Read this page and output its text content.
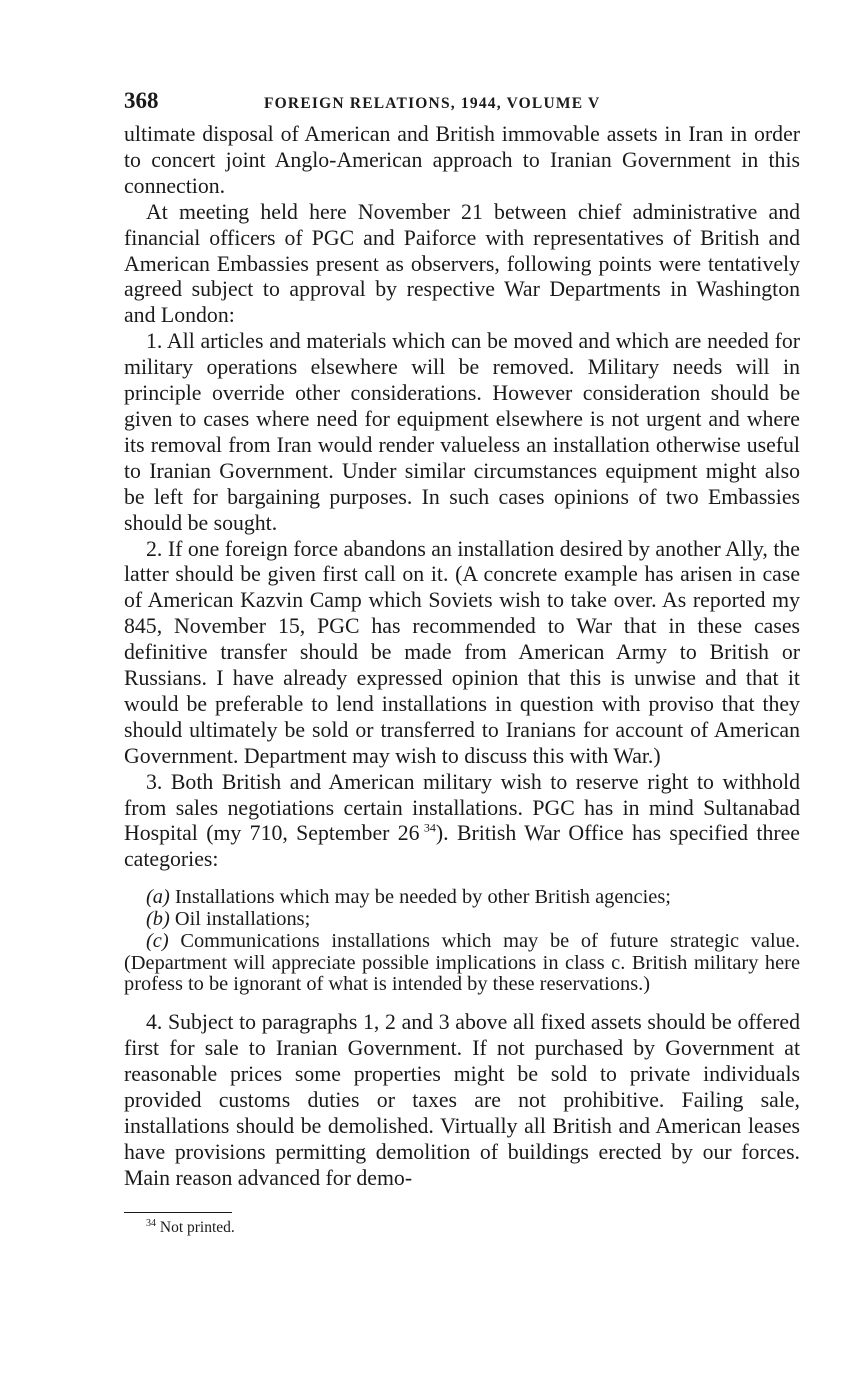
368	FOREIGN RELATIONS, 1944, VOLUME V

ultimate disposal of American and British immovable assets in Iran in order to concert joint Anglo-American approach to Iranian Government in this connection.

At meeting held here November 21 between chief administrative and financial officers of PGC and Paiforce with representatives of British and American Embassies present as observers, following points were tentatively agreed subject to approval by respective War Departments in Washington and London:

1. All articles and materials which can be moved and which are needed for military operations elsewhere will be removed. Military needs will in principle override other considerations. However consideration should be given to cases where need for equipment elsewhere is not urgent and where its removal from Iran would render valueless an installation otherwise useful to Iranian Government. Under similar circumstances equipment might also be left for bargaining purposes. In such cases opinions of two Embassies should be sought.

2. If one foreign force abandons an installation desired by another Ally, the latter should be given first call on it. (A concrete example has arisen in case of American Kazvin Camp which Soviets wish to take over. As reported my 845, November 15, PGC has recommended to War that in these cases definitive transfer should be made from American Army to British or Russians. I have already expressed opinion that this is unwise and that it would be preferable to lend installations in question with proviso that they should ultimately be sold or transferred to Iranians for account of American Government. Department may wish to discuss this with War.)

3. Both British and American military wish to reserve right to withhold from sales negotiations certain installations. PGC has in mind Sultanabad Hospital (my 710, September 26  $^{34}$). British War Office has specified three categories:

(a) Installations which may be needed by other British agencies;
(b) Oil installations;
(c) Communications installations which may be of future strategic value. (Department will appreciate possible implications in class c. British military here profess to be ignorant of what is intended by these reservations.)

4. Subject to paragraphs 1, 2 and 3 above all fixed assets should be offered first for sale to Iranian Government. If not purchased by Government at reasonable prices some properties might be sold to private individuals provided customs duties or taxes are not prohibitive. Failing sale, installations should be demolished. Virtually all British and American leases have provisions permitting demolition of buildings erected by our forces. Main reason advanced for demo-

$^{34}$ Not printed.
